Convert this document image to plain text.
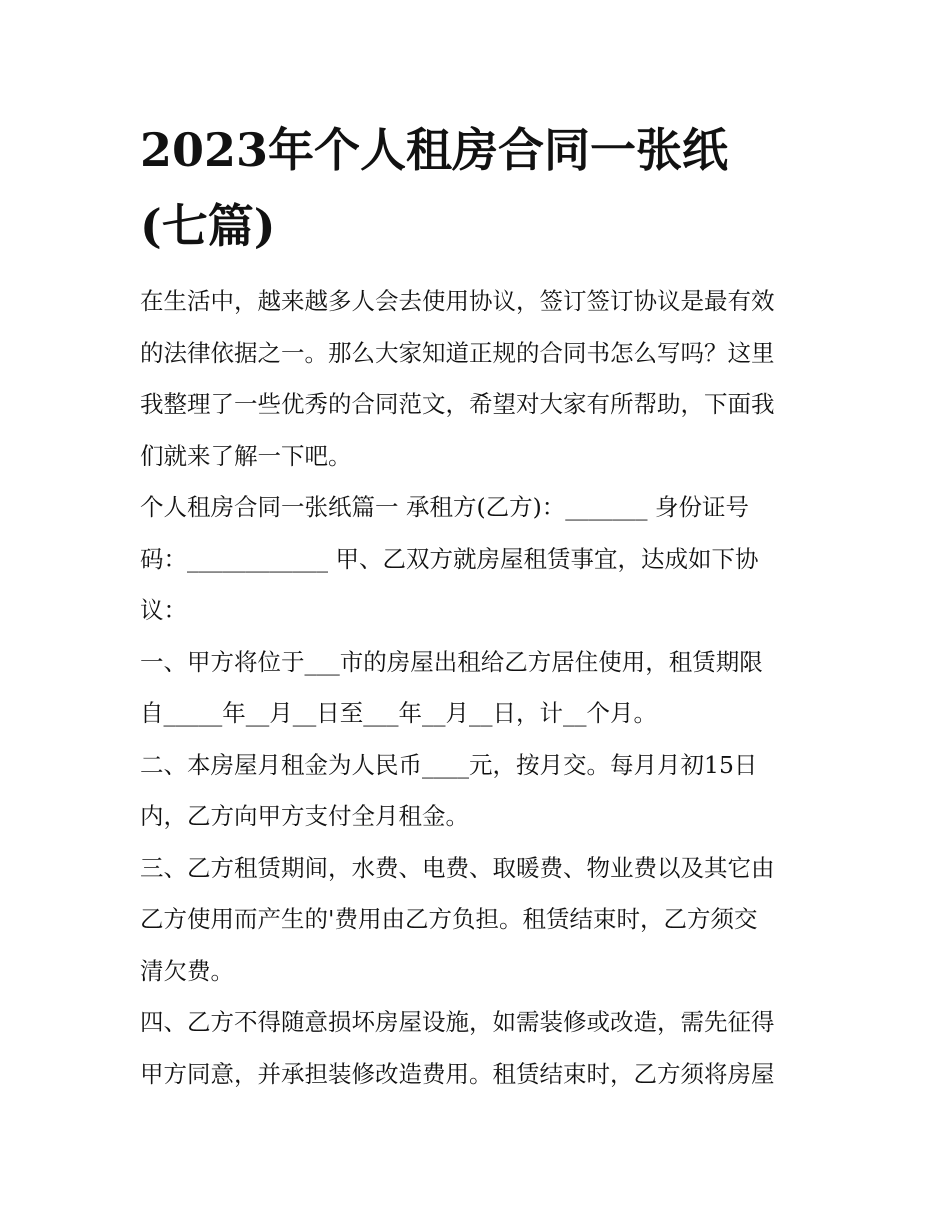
2023年个人租房合同一张纸
(七篇)

在生活中，越来越多人会去使用协议，签订签订协议是最有效
的法律依据之一。那么大家知道正规的合同书怎么写吗？这里
我整理了一些优秀的合同范文，希望对大家有所帮助，下面我
们就来了解一下吧。

个人租房合同一张纸篇一 承租方(乙方)：_______ 身份证号
码：____________ 甲、乙双方就房屋租赁事宜，达成如下协
议：

一、甲方将位于___市的房屋出租给乙方居住使用，租赁期限
自_____年__月__日至___年__月__日，计__个月。

二、本房屋月租金为人民币____元，按月交。每月月初15日
内，乙方向甲方支付全月租金。

三、乙方租赁期间，水费、电费、取暖费、物业费以及其它由
乙方使用而产生的'费用由乙方负担。租赁结束时，乙方须交
清欠费。

四、乙方不得随意损坏房屋设施，如需装修或改造，需先征得
甲方同意，并承担装修改造费用。租赁结束时，乙方须将房屋
